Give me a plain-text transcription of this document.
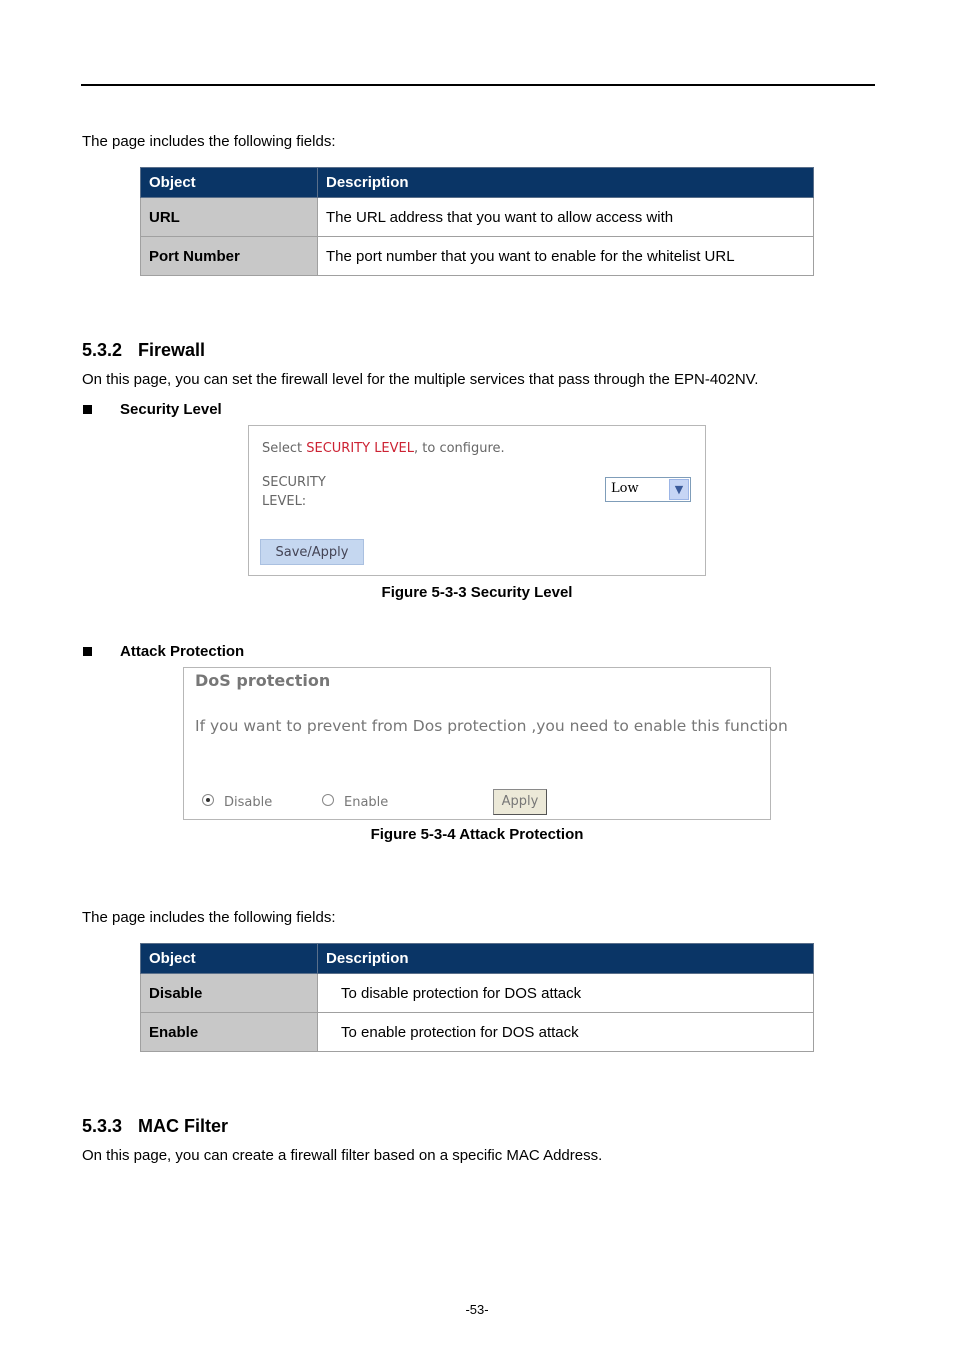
The page includes the following fields:
Object	Description
URL	The URL address that you want to allow access with
Port Number	The port number that you want to enable for the whitelist URL
5.3.2 Firewall
On this page, you can set the firewall level for the multiple services that pass through the EPN-402NV.
Security Level
Select SECURITY LEVEL, to configure.
SECURITY
LEVEL:
Low	▼
Save/Apply
Figure 5-3-3 Security Level
Attack Protection
DoS protection
If you want to prevent from Dos protection ,you need to enable this function
Disable	Enable	Apply
Figure 5-3-4 Attack Protection
The page includes the following fields:
Object	Description
Disable	To disable protection for DOS attack
Enable	To enable protection for DOS attack
5.3.3 MAC Filter
On this page, you can create a firewall filter based on a specific MAC Address.
-53-
